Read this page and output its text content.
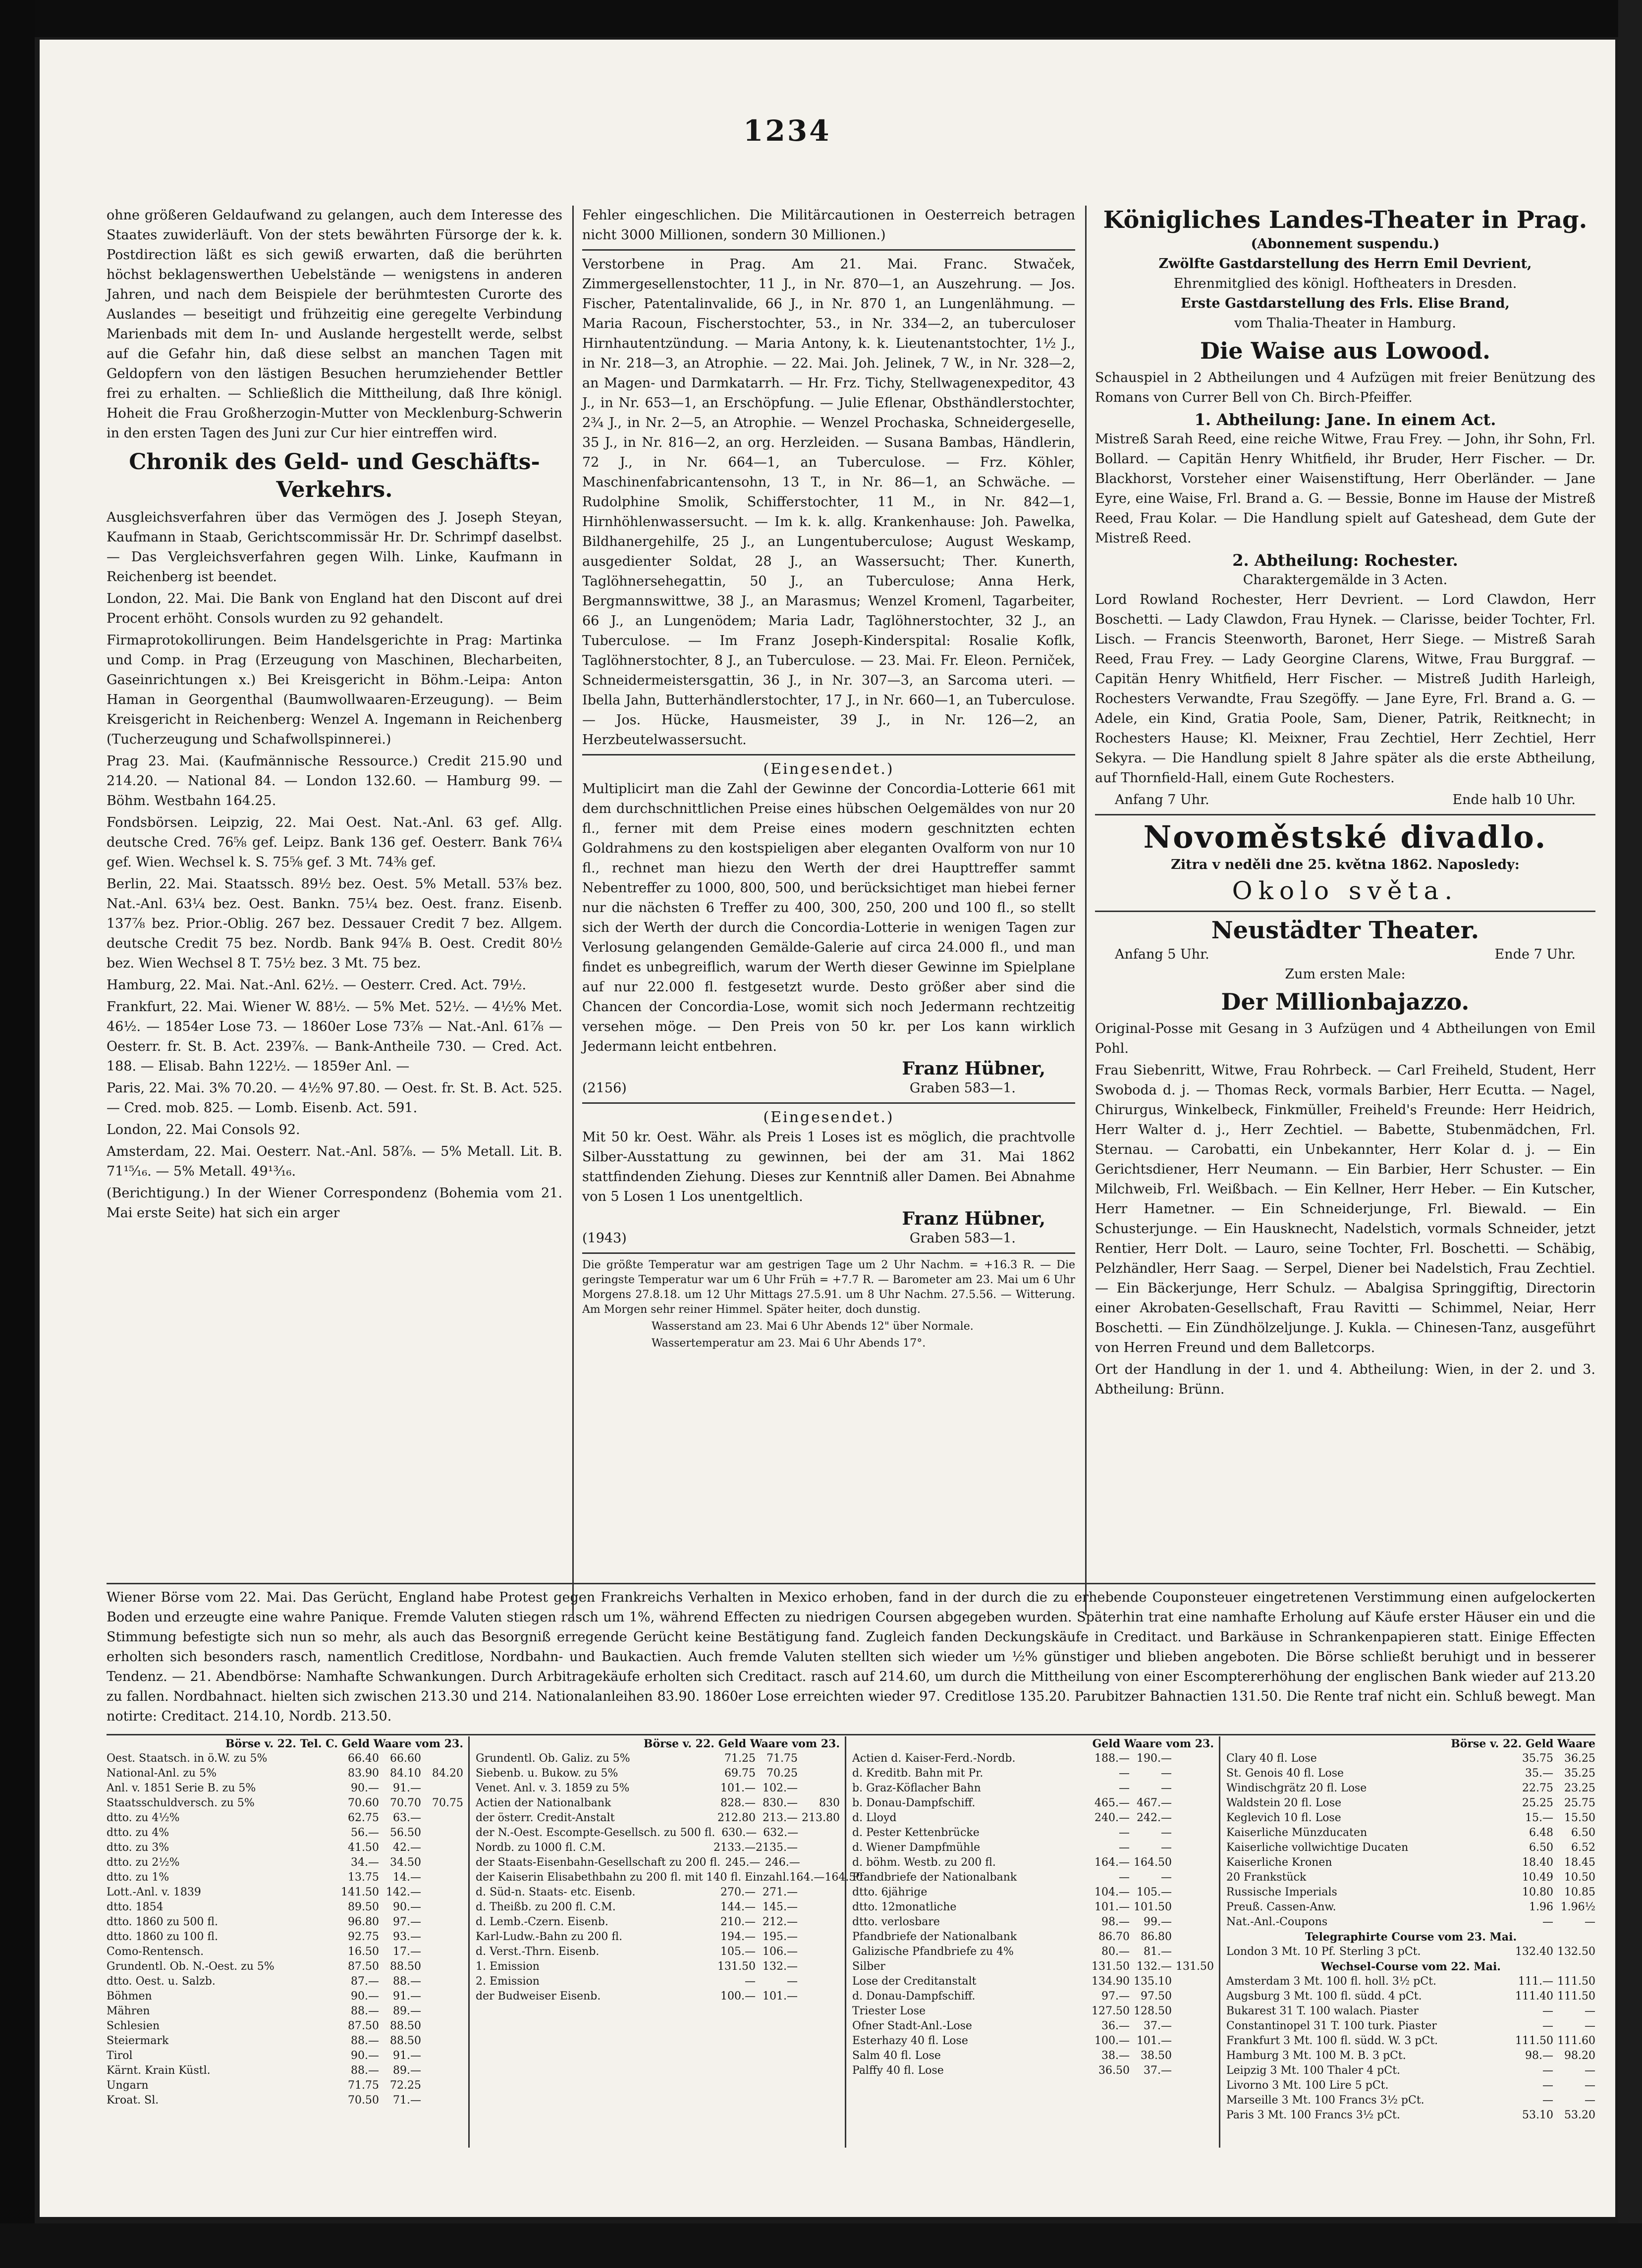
1234

ohne größeren Geldaufwand zu gelangen, auch dem Interesse des Staates zuwiderläuft. Von der stets bewährten Fürsorge der k. k. Postdirection läßt es sich gewiß erwarten, daß die berührten höchst beklagenswerthen Uebelstände — wenigstens in anderen Jahren, und nach dem Beispiele der berühmtesten Curorte des Auslandes — beseitigt und frühzeitig eine geregelte Verbindung Marienbads mit dem In- und Auslande hergestellt werde, selbst auf die Gefahr hin, daß diese selbst an manchen Tagen mit Geldopfern von den lästigen Besuchen herumziehender Bettler frei zu erhalten. — Schließlich die Mittheilung, daß Ihre königl. Hoheit die Frau Großherzogin-Mutter von Mecklenburg-Schwerin in den ersten Tagen des Juni zur Cur hier eintreffen wird.

Chronik des Geld- und Geschäfts-Verkehrs.

Ausgleichsverfahren über das Vermögen des J. Joseph Steyan, Kaufmann in Staab, Gerichtscommissär Hr. Dr. Schrimpf daselbst. — Das Vergleichsverfahren gegen Wilh. Linke, Kaufmann in Reichenberg ist beendet.

London, 22. Mai. Die Bank von England hat den Discont auf drei Procent erhöht. Consols wurden zu 92 gehandelt.

Firmaprotokollirungen. Beim Handelsgerichte in Prag: Martinka und Comp. in Prag (Erzeugung von Maschinen, Blecharbeiten, Gaseinrichtungen x.) Bei Kreisgericht in Böhm.-Leipa: Anton Haman in Georgenthal (Baumwollwaaren-Erzeugung). — Beim Kreisgericht in Reichenberg: Wenzel A. Ingemann in Reichenberg (Tucherzeugung und Schafwollspinnerei.)

Prag 23. Mai. (Kaufmännische Ressource.) Credit 215.90 und 214.20. — National 84. — London 132.60. — Hamburg 99. — Böhm. Westbahn 164.25.

Fondsbörsen. Leipzig, 22. Mai Oest. Nat.-Anl. 63 gef. Allg. deutsche Cred. 76⅝ gef. Leipz. Bank 136 gef. Oesterr. Bank 76¼ gef. Wien. Wechsel k. S. 75⅝ gef. 3 Mt. 74⅜ gef.

Berlin, 22. Mai. Staatssch. 89½ bez. Oest. 5% Metall. 53⅞ bez. Nat.-Anl. 63¼ bez. Oest. Bankn. 75¼ bez. Oest. franz. Eisenb. 137⅞ bez. Prior.-Oblig. 267 bez. Dessauer Credit 7 bez. Allgem. deutsche Credit 75 bez. Nordb. Bank 94⅞ B. Oest. Credit 80½ bez. Wien Wechsel 8 T. 75½ bez. 3 Mt. 75 bez.

Hamburg, 22. Mai. Nat.-Anl. 62½. — Oesterr. Cred. Act. 79½.

Frankfurt, 22. Mai. Wiener W. 88½. — 5% Met. 52½. — 4½% Met. 46½. — 1854er Lose 73. — 1860er Lose 73⅞ — Nat.-Anl. 61⅞ — Oesterr. fr. St. B. Act. 239⅞. — Bank-Antheile 730. — Cred. Act. 188. — Elisab. Bahn 122½. — 1859er Anl. —

Paris, 22. Mai. 3% 70.20. — 4½% 97.80. — Oest. fr. St. B. Act. 525. — Cred. mob. 825. — Lomb. Eisenb. Act. 591.

London, 22. Mai Consols 92.

Amsterdam, 22. Mai. Oesterr. Nat.-Anl. 58⅞. — 5% Metall. Lit. B. 71¹⁵⁄₁₆. — 5% Metall. 49¹³⁄₁₆.

(Berichtigung.) In der Wiener Correspondenz (Bohemia vom 21. Mai erste Seite) hat sich ein arger

Fehler eingeschlichen. Die Militärcautionen in Oesterreich betragen nicht 3000 Millionen, sondern 30 Millionen.)

Verstorbene in Prag. Am 21. Mai. Franc. Stwaček, Zimmergesellenstochter, 11 J., in Nr. 870—1, an Auszehrung. — Jos. Fischer, Patentalinvalide, 66 J., in Nr. 870 1, an Lungenlähmung. — Maria Racoun, Fischerstochter, 53., in Nr. 334—2, an tuberculoser Hirnhautentzündung. — Maria Antony, k. k. Lieutenantstochter, 1½ J., in Nr. 218—3, an Atrophie. — 22. Mai. Joh. Jelinek, 7 W., in Nr. 328—2, an Magen- und Darmkatarrh. — Hr. Frz. Tichy, Stellwagenexpeditor, 43 J., in Nr. 653—1, an Erschöpfung. — Julie Eflenar, Obsthändlerstochter, 2¾ J., in Nr. 2—5, an Atrophie. — Wenzel Prochaska, Schneidergeselle, 35 J., in Nr. 816—2, an org. Herzleiden. — Susana Bambas, Händlerin, 72 J., in Nr. 664—1, an Tuberculose. — Frz. Köhler, Maschinenfabricantensohn, 13 T., in Nr. 86—1, an Schwäche. — Rudolphine Smolik, Schifferstochter, 11 M., in Nr. 842—1, Hirnhöhlenwassersucht. — Im k. k. allg. Krankenhause: Joh. Pawelka, Bildhanergehilfe, 25 J., an Lungentuberculose; August Weskamp, ausgedienter Soldat, 28 J., an Wassersucht; Ther. Kunerth, Taglöhnersehegattin, 50 J., an Tuberculose; Anna Herk, Bergmannswittwe, 38 J., an Marasmus; Wenzel Kromenl, Tagarbeiter, 66 J., an Lungenödem; Maria Ladr, Taglöhnerstochter, 32 J., an Tuberculose. — Im Franz Joseph-Kinderspital: Rosalie Koflk, Taglöhnerstochter, 8 J., an Tuberculose. — 23. Mai. Fr. Eleon. Perniček, Schneidermeistersgattin, 36 J., in Nr. 307—3, an Sarcoma uteri. — Ibella Jahn, Butterhändlerstochter, 17 J., in Nr. 660—1, an Tuberculose. — Jos. Hücke, Hausmeister, 39 J., in Nr. 126—2, an Herzbeutelwassersucht.

(Eingesendet.)

Multiplicirt man die Zahl der Gewinne der Concordia-Lotterie 661 mit dem durchschnittlichen Preise eines hübschen Oelgemäldes von nur 20 fl., ferner mit dem Preise eines modern geschnitzten echten Goldrahmens zu den kostspieligen aber eleganten Ovalform von nur 10 fl., rechnet man hiezu den Werth der drei Haupttreffer sammt Nebentreffer zu 1000, 800, 500, und berücksichtiget man hiebei ferner nur die nächsten 6 Treffer zu 400, 300, 250, 200 und 100 fl., so stellt sich der Werth der durch die Concordia-Lotterie in wenigen Tagen zur Verlosung gelangenden Gemälde-Galerie auf circa 24.000 fl., und man findet es unbegreiflich, warum der Werth dieser Gewinne im Spielplane auf nur 22.000 fl. festgesetzt wurde. Desto größer aber sind die Chancen der Concordia-Lose, womit sich noch Jedermann rechtzeitig versehen möge. — Den Preis von 50 kr. per Los kann wirklich Jedermann leicht entbehren.

Franz Hübner,
(2156)	Graben 583—1.
(Eingesendet.)

Mit 50 kr. Oest. Währ. als Preis 1 Loses ist es möglich, die prachtvolle Silber-Ausstattung zu gewinnen, bei der am 31. Mai 1862 stattfindenden Ziehung. Dieses zur Kenntniß aller Damen. Bei Abnahme von 5 Losen 1 Los unentgeltlich.

Franz Hübner,
(1943)	Graben 583—1.

Die größte Temperatur war am gestrigen Tage um 2 Uhr Nachm. = +16.3 R. — Die geringste Temperatur war um 6 Uhr Früh = +7.7 R. — Barometer am 23. Mai um 6 Uhr Morgens 27.8.18. um 12 Uhr Mittags 27.5.91. um 8 Uhr Nachm. 27.5.56. — Witterung. Am Morgen sehr reiner Himmel. Später heiter, doch dunstig.

Wasserstand am 23. Mai 6 Uhr Abends 12" über Normale.

Wassertemperatur am 23. Mai 6 Uhr Abends 17°.

Königliches Landes-Theater in Prag.
(Abonnement suspendu.)
Zwölfte Gastdarstellung des Herrn Emil Devrient,
Ehrenmitglied des königl. Hoftheaters in Dresden.
Erste Gastdarstellung des Frls. Elise Brand,
vom Thalia-Theater in Hamburg.
Die Waise aus Lowood.

Schauspiel in 2 Abtheilungen und 4 Aufzügen mit freier Benützung des Romans von Currer Bell von Ch. Birch-Pfeiffer.

1. Abtheilung: Jane. In einem Act.

Mistreß Sarah Reed, eine reiche Witwe, Frau Frey. — John, ihr Sohn, Frl. Bollard. — Capitän Henry Whitfield, ihr Bruder, Herr Fischer. — Dr. Blackhorst, Vorsteher einer Waisenstiftung, Herr Oberländer. — Jane Eyre, eine Waise, Frl. Brand a. G. — Bessie, Bonne im Hause der Mistreß Reed, Frau Kolar. — Die Handlung spielt auf Gateshead, dem Gute der Mistreß Reed.

2. Abtheilung: Rochester.
Charaktergemälde in 3 Acten.

Lord Rowland Rochester, Herr Devrient. — Lord Clawdon, Herr Boschetti. — Lady Clawdon, Frau Hynek. — Clarisse, beider Tochter, Frl. Lisch. — Francis Steenworth, Baronet, Herr Siege. — Mistreß Sarah Reed, Frau Frey. — Lady Georgine Clarens, Witwe, Frau Burggraf. — Capitän Henry Whitfield, Herr Fischer. — Mistreß Judith Harleigh, Rochesters Verwandte, Frau Szegöffy. — Jane Eyre, Frl. Brand a. G. — Adele, ein Kind, Gratia Poole, Sam, Diener, Patrik, Reitknecht; in Rochesters Hause; Kl. Meixner, Frau Zechtiel, Herr Zechtiel, Herr Sekyra. — Die Handlung spielt 8 Jahre später als die erste Abtheilung, auf Thornfield-Hall, einem Gute Rochesters.

Anfang 7 Uhr.	Ende halb 10 Uhr.
Novoměstské divadlo.
Zitra v neděli dne 25. května 1862. Naposledy:
Okolo světa.
Neustädter Theater.
Anfang 5 Uhr.	Ende 7 Uhr.
Zum ersten Male:
Der Millionbajazzo.

Original-Posse mit Gesang in 3 Aufzügen und 4 Abtheilungen von Emil Pohl.

Frau Siebenritt, Witwe, Frau Rohrbeck. — Carl Freiheld, Student, Herr Swoboda d. j. — Thomas Reck, vormals Barbier, Herr Ecutta. — Nagel, Chirurgus, Winkelbeck, Finkmüller, Freiheld's Freunde: Herr Heidrich, Herr Walter d. j., Herr Zechtiel. — Babette, Stubenmädchen, Frl. Sternau. — Carobatti, ein Unbekannter, Herr Kolar d. j. — Ein Gerichtsdiener, Herr Neumann. — Ein Barbier, Herr Schuster. — Ein Milchweib, Frl. Weißbach. — Ein Kellner, Herr Heber. — Ein Kutscher, Herr Hametner. — Ein Schneiderjunge, Frl. Biewald. — Ein Schusterjunge. — Ein Hausknecht, Nadelstich, vormals Schneider, jetzt Rentier, Herr Dolt. — Lauro, seine Tochter, Frl. Boschetti. — Schäbig, Pelzhändler, Herr Saag. — Serpel, Diener bei Nadelstich, Frau Zechtiel. — Ein Bäckerjunge, Herr Schulz. — Abalgisa Springgiftig, Directorin einer Akrobaten-Gesellschaft, Frau Ravitti — Schimmel, Neiar, Herr Boschetti. — Ein Zündhölzeljunge. J. Kukla. — Chinesen-Tanz, ausgeführt von Herren Freund und dem Balletcorps.

Ort der Handlung in der 1. und 4. Abtheilung: Wien, in der 2. und 3. Abtheilung: Brünn.

Wiener Börse vom 22. Mai. Das Gerücht, England habe Protest gegen Frankreichs Verhalten in Mexico erhoben, fand in der durch die zu erhebende Couponsteuer eingetretenen Verstimmung einen aufgelockerten Boden und erzeugte eine wahre Panique. Fremde Valuten stiegen rasch um 1%, während Effecten zu niedrigen Coursen abgegeben wurden. Späterhin trat eine namhafte Erholung auf Käufe erster Häuser ein und die Stimmung befestigte sich nun so mehr, als auch das Besorgniß erregende Gerücht keine Bestätigung fand. Zugleich fanden Deckungskäufe in Creditact. und Barkäuse in Schrankenpapieren statt. Einige Effecten erholten sich besonders rasch, namentlich Creditlose, Nordbahn- und Baukactien. Auch fremde Valuten stellten sich wieder um ½% günstiger und blieben angeboten. Die Börse schließt beruhigt und in besserer Tendenz. — 21. Abendbörse: Namhafte Schwankungen. Durch Arbitragekäufe erholten sich Creditact. rasch auf 214.60, um durch die Mittheilung von einer Escomptererhöhung der englischen Bank wieder auf 213.20 zu fallen. Nordbahnact. hielten sich zwischen 213.30 und 214. Nationalanleihen 83.90. 1860er Lose erreichten wieder 97. Creditlose 135.20. Parubitzer Bahnactien 131.50. Die Rente traf nicht ein. Schluß bewegt. Man notirte: Creditact. 214.10, Nordb. 213.50.

Börse v. 22. Tel. C. Geld Waare vom 23.
Oest. Staatsch. in ö.W. zu 5%	66.40	66.60
National-Anl. zu 5%	83.90	84.10	84.20
Anl. v. 1851 Serie B. zu 5%	90.—	91.—
Staatsschuldversch. zu 5%	70.60	70.70	70.75
dtto. zu 4½%	62.75	63.—
dtto. zu 4%	56.—	56.50
dtto. zu 3%	41.50	42.—
dtto. zu 2½%	34.—	34.50
dtto. zu 1%	13.75	14.—
Lott.-Anl. v. 1839	141.50 142.—
dtto. 1854	89.50	90.—
dtto. 1860 zu 500 fl.	96.80	97.—
dtto. 1860 zu 100 fl.	92.75	93.—
Como-Rentensch.	16.50	17.—
Grundentl. Ob. N.-Oest. zu 5%	87.50	88.50
dtto. Oest. u. Salzb.	87.—	88.—
Böhmen	90.—	91.—
Mähren	88.—	89.—
Schlesien	87.50	88.50
Steiermark	88.—	88.50
Tirol	90.—	91.—
Kärnt. Krain Küstl.	88.—	89.—
Ungarn	71.75	72.25
Kroat. Sl.	70.50	71.—
Börse v. 22. Geld Waare vom 23.
Grundentl. Ob. Galiz. zu 5%	71.25	71.75
Siebenb. u. Bukow. zu 5%	69.75	70.25
Venet. Anl. v. 3. 1859 zu 5%	101.— 102.—
Actien der Nationalbank	828.— 830.—	830
der österr. Credit-Anstalt	212.80 213.— 213.80
der N.-Oest. Escompte-Gesellsch. zu 500 fl. 630.— 632.—
Nordb. zu 1000 fl. C.M.	2133.— 2135.—
der Staats-Eisenbahn-Gesellschaft zu 200 fl. 245.— 246.—
der Kaiserin Elisabethbahn zu 200 fl. mit 140 fl. Einzahl. 164.— 164.50
d. Süd-n. Staats- etc. Eisenb.	270.— 271.—
d. Theißb. zu 200 fl. C.M.	144.— 145.—
d. Lemb.-Czern. Eisenb.	210.— 212.—
Karl-Ludw.-Bahn zu 200 fl.	194.— 195.—
d. Verst.-Thrn. Eisenb.	105.— 106.—
1. Emission	131.50 132.—
2. Emission	—	—
der Budweiser Eisenb.	100.— 101.—
Geld Waare vom 23.
Actien d. Kaiser-Ferd.-Nordb.	188.— 190.—
d. Kreditb. Bahn mit Pr.	—	—
b. Graz-Köflacher Bahn	—	—
b. Donau-Dampfschiff.	465.— 467.—
d. Lloyd	240.— 242.—
d. Pester Kettenbrücke	—	—
d. Wiener Dampfmühle	—	—
d. böhm. Westb. zu 200 fl.	164.— 164.50
Pfandbriefe der Nationalbank	—	—
dtto. 6jährige	104.— 105.—
dtto. 12monatliche	101.— 101.50
dtto. verlosbare	98.—	99.—
Pfandbriefe der Nationalbank	86.70	86.80
Galizische Pfandbriefe zu 4%	80.—	81.—
Silber	131.50 132.— 131.50
Lose der Creditanstalt	134.90 135.10
d. Donau-Dampfschiff.	97.—	97.50
Triester Lose	127.50 128.50
Ofner Stadt-Anl.-Lose	36.—	37.—
Esterhazy 40 fl. Lose	100.— 101.—
Salm 40 fl. Lose	38.—	38.50
Palffy 40 fl. Lose	36.50	37.—
Börse v. 22. Geld Waare
Clary 40 fl. Lose	35.75	36.25
St. Genois 40 fl. Lose	35.—	35.25
Windischgrätz 20 fl. Lose	22.75	23.25
Waldstein 20 fl. Lose	25.25	25.75
Keglevich 10 fl. Lose	15.—	15.50
Kaiserliche Münzducaten	6.48	6.50
Kaiserliche vollwichtige Ducaten	6.50	6.52
Kaiserliche Kronen	18.40	18.45
20 Frankstück	10.49	10.50
Russische Imperials	10.80	10.85
Preuß. Cassen-Anw.	1.96 1.96½
Nat.-Anl.-Coupons	—	—
Telegraphirte Course vom 23. Mai.
London 3 Mt. 10 Pf. Sterling 3 pCt.	132.40 132.50
Wechsel-Course vom 22. Mai.
Amsterdam 3 Mt. 100 fl. holl. 3½ pCt.	111.— 111.50
Augsburg 3 Mt. 100 fl. südd. 4 pCt.	111.40 111.50
Bukarest 31 T. 100 walach. Piaster	—	—
Constantinopel 31 T. 100 turk. Piaster	—	—
Frankfurt 3 Mt. 100 fl. südd. W. 3 pCt.	111.50 111.60
Hamburg 3 Mt. 100 M. B. 3 pCt.	98.—	98.20
Leipzig 3 Mt. 100 Thaler 4 pCt.	—	—
Livorno 3 Mt. 100 Lire 5 pCt.	—	—
Marseille 3 Mt. 100 Francs 3½ pCt.	—	—
Paris 3 Mt. 100 Francs 3½ pCt.	53.10	53.20
